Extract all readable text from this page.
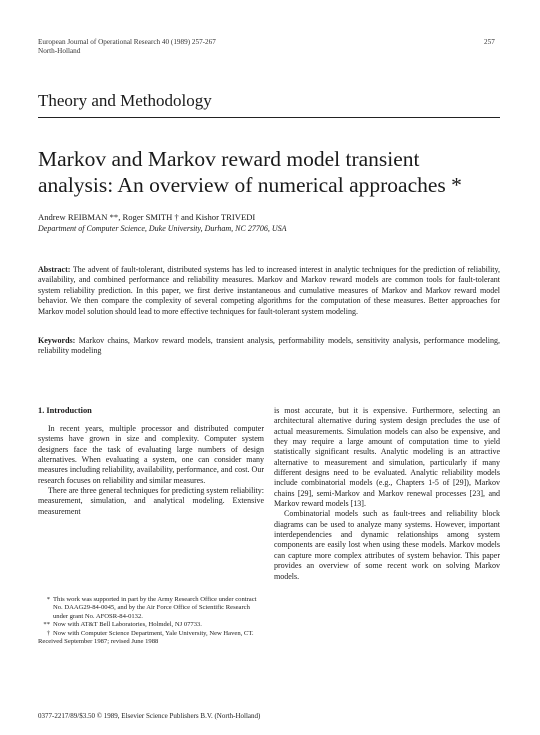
European Journal of Operational Research 40 (1989) 257-267
North-Holland
257
Theory and Methodology
Markov and Markov reward model transient
analysis: An overview of numerical approaches *
Andrew REIBMAN **, Roger SMITH † and Kishor TRIVEDI
Department of Computer Science, Duke University, Durham, NC 27706, USA
Abstract: The advent of fault-tolerant, distributed systems has led to increased interest in analytic techniques for the prediction of reliability, availability, and combined performance and reliability measures. Markov and Markov reward models are common tools for fault-tolerant system reliability prediction. In this paper, we first derive instantaneous and cumulative measures of Markov and Markov reward model behavior. We then compare the complexity of several competing algorithms for the computation of these measures. Better approaches for Markov model solution should lead to more effective techniques for fault-tolerant system modeling.
Keywords: Markov chains, Markov reward models, transient analysis, performability models, sensitivity analysis, performance modeling, reliability modeling
1. Introduction

In recent years, multiple processor and distributed computer systems have grown in size and complexity. Computer system designers face the task of evaluating large numbers of design alternatives. When evaluating a system, one can consider many measures including reliability, availability, performance, and cost. Our research focuses on reliability and similar measures.

There are three general techniques for predicting system reliability: measurement, simulation, and analytical modeling. Extensive measurement

is most accurate, but it is expensive. Furthermore, selecting an architectural alternative during system design precludes the use of actual measurements. Simulation models can also be expensive, and they may require a large amount of computation time to yield statistically significant results. Analytic modeling is an attractive alternative to measurement and simulation, particularly if many different designs need to be evaluated. Analytic reliability models include combinatorial models (e.g., Chapters 1-5 of [29]), Markov chains [29], semi-Markov and Markov renewal processes [23], and Markov reward models [13].

Combinatorial models such as fault-trees and reliability block diagrams can be used to analyze many systems. However, important interdependencies and dynamic relationships among system components are easily lost when using these models. Markov models can capture more complex attributes of system behavior. This paper provides an overview of some recent work on solving Markov models.

* This work was supported in part by the Army Research Office under contract No. DAAG29-84-0045, and by the Air Force Office of Scientific Research under grant No. AFOSR-84-0132.
** Now with AT&T Bell Laboratories, Holmdel, NJ 07733.
† Now with Computer Science Department, Yale University, New Haven, CT.
Received September 1987; revised June 1988
0377-2217/89/$3.50 © 1989, Elsevier Science Publishers B.V. (North-Holland)
